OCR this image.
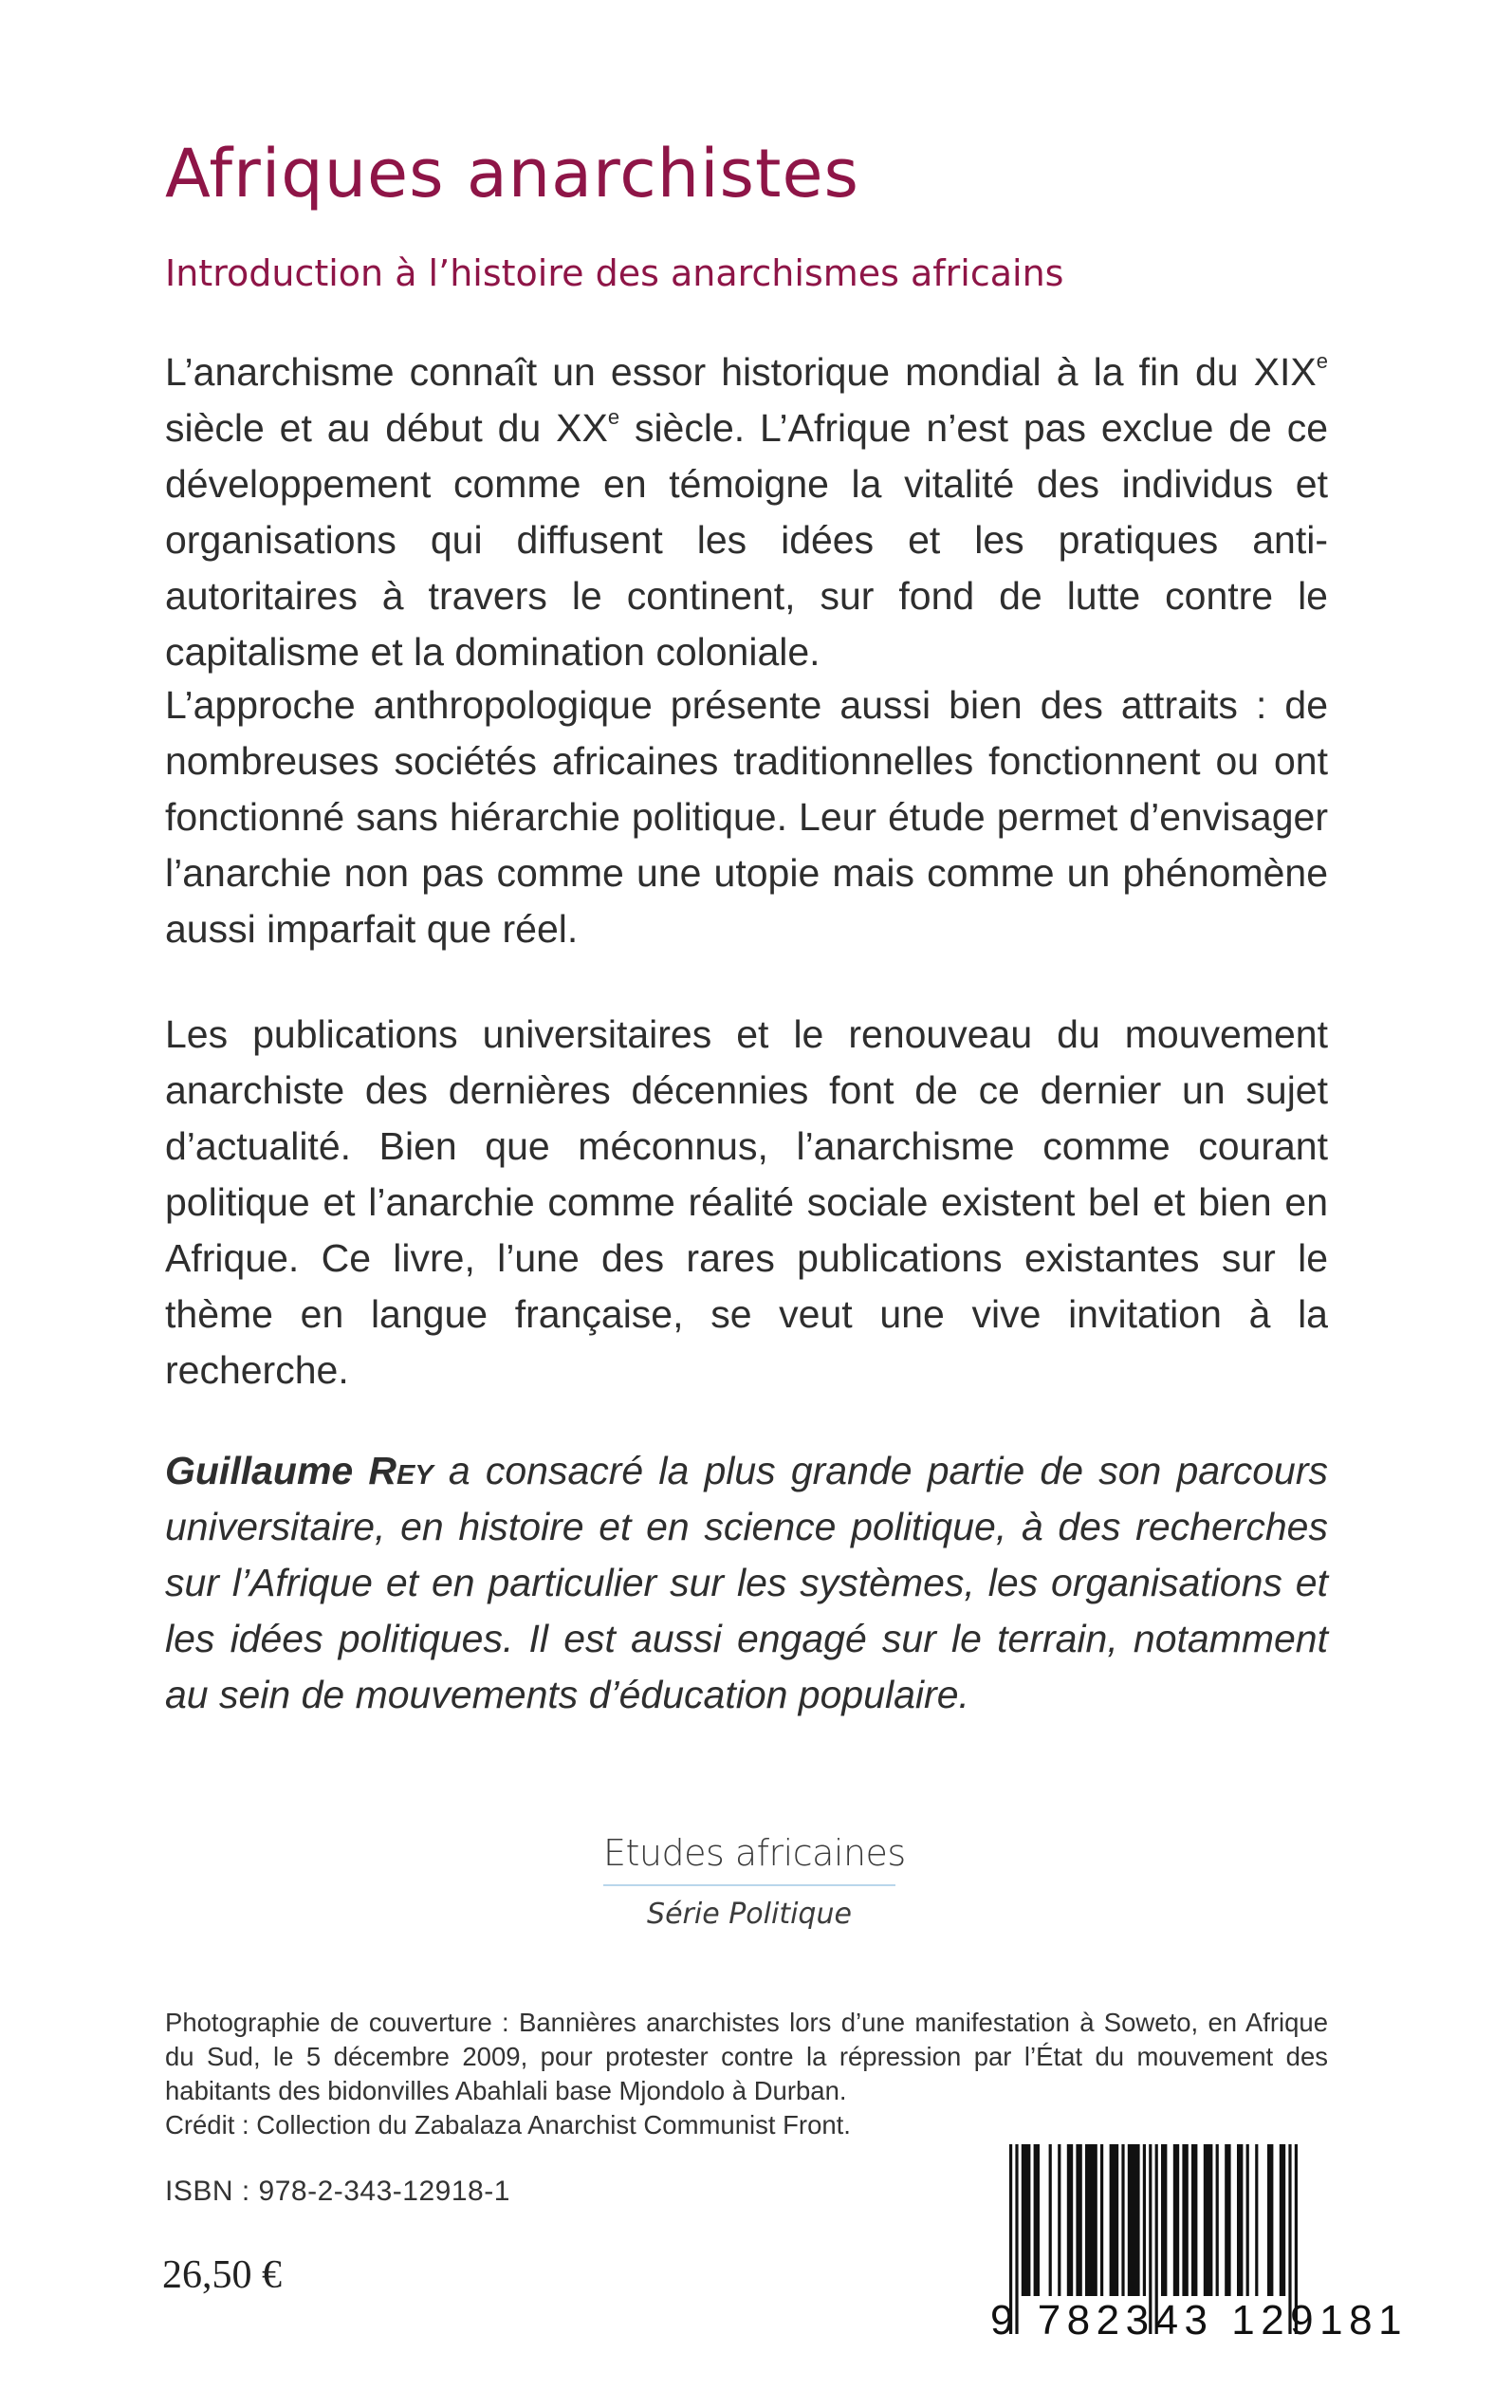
Afriques anarchistes
Introduction à l’histoire des anarchismes africains

L’anarchisme connaît un essor historique mondial à la fin du XIXe siècle et au début du XXe siècle. L’Afrique n’est pas exclue de ce développement comme en témoigne la vitalité des individus et organisations qui diffusent les idées et les pratiques anti-autoritaires à travers le continent, sur fond de lutte contre le capitalisme et la domination coloniale.

L’approche anthropologique présente aussi bien des attraits : de nombreuses sociétés africaines traditionnelles fonctionnent ou ont fonctionné sans hiérarchie politique. Leur étude permet d’envisager l’anarchie non pas comme une utopie mais comme un phénomène aussi imparfait que réel.

Les publications universitaires et le renouveau du mouvement anarchiste des dernières décennies font de ce dernier un sujet d’actualité. Bien que méconnus, l’anarchisme comme courant politique et l’anarchie comme réalité sociale existent bel et bien en Afrique. Ce livre, l’une des rares publications existantes sur le thème en langue française, se veut une vive invitation à la recherche.

Guillaume Rey a consacré la plus grande partie de son parcours universitaire, en histoire et en science politique, à des recherches sur l’Afrique et en particulier sur les systèmes, les organisations et les idées politiques. Il est aussi engagé sur le terrain, notamment au sein de mouvements d’éducation populaire.

Etudes africaines
Série Politique

Photographie de couverture : Bannières anarchistes lors d’une manifestation à Soweto, en Afrique du Sud, le 5 décembre 2009, pour protester contre la répression par l’État du mouvement des habitants des bidonvilles Abahlali base Mjondolo à Durban.

Crédit : Collection du Zabalaza Anarchist Communist Front.

ISBN : 978-2-343-12918-1
26,50 €
9 782343 129181
